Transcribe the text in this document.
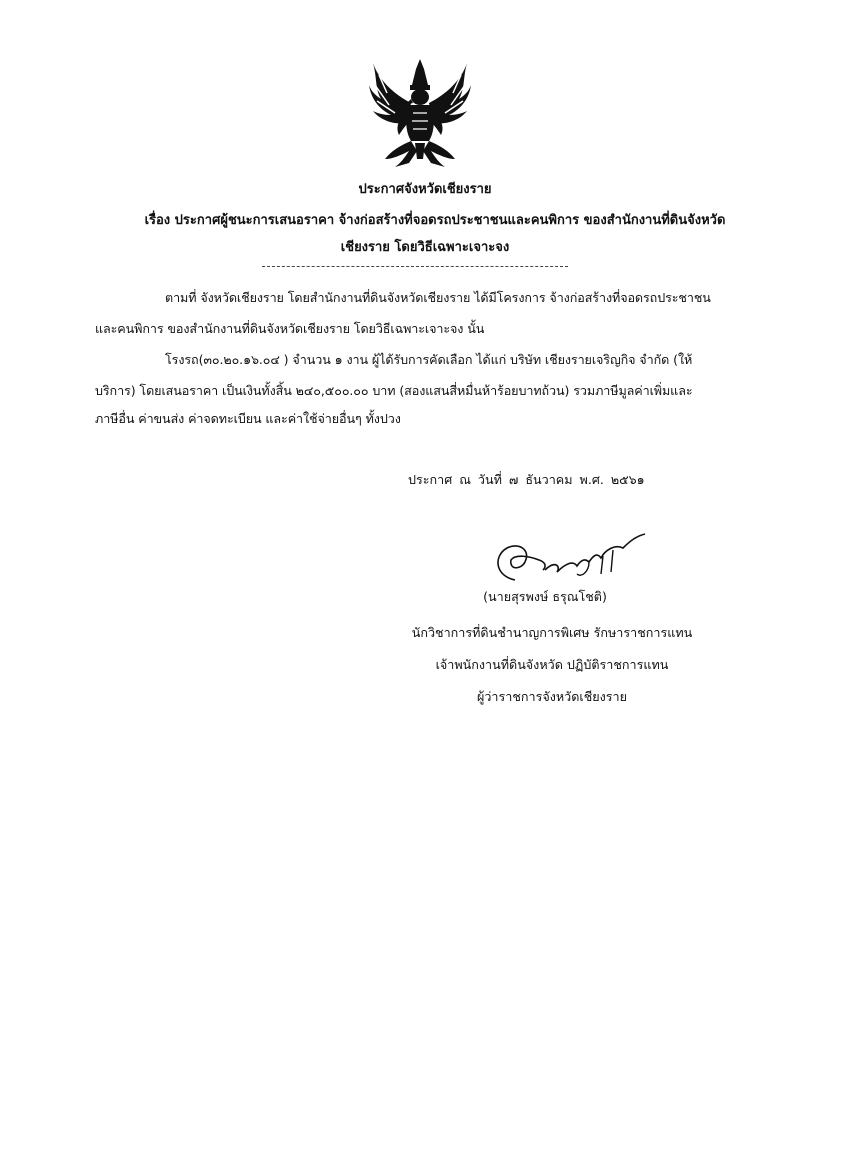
ประกาศจังหวัดเชียงราย
เรื่อง ประกาศผู้ชนะการเสนอราคา จ้างก่อสร้างที่จอดรถประชาชนและคนพิการ ของสำนักงานที่ดินจังหวัด
เชียงราย โดยวิธีเฉพาะเจาะจง
ตามที่ จังหวัดเชียงราย โดยสำนักงานที่ดินจังหวัดเชียงราย ได้มีโครงการ จ้างก่อสร้างที่จอดรถประชาชน
และคนพิการ ของสำนักงานที่ดินจังหวัดเชียงราย โดยวิธีเฉพาะเจาะจง นั้น
โรงรถ(๓๐.๒๐.๑๖.๐๔ ) จำนวน ๑ งาน ผู้ได้รับการคัดเลือก ได้แก่ บริษัท เชียงรายเจริญกิจ จำกัด (ให้
บริการ) โดยเสนอราคา เป็นเงินทั้งสิ้น ๒๔๐,๕๐๐.๐๐ บาท (สองแสนสี่หมื่นห้าร้อยบาทถ้วน) รวมภาษีมูลค่าเพิ่มและ
ภาษีอื่น ค่าขนส่ง ค่าจดทะเบียน และค่าใช้จ่ายอื่นๆ ทั้งปวง
ประกาศ ณ วันที่ ๗ ธันวาคม พ.ศ. ๒๕๖๑
(นายสุรพงษ์ ธรุณโชติ)
นักวิชาการที่ดินชำนาญการพิเศษ รักษาราชการแทน
เจ้าพนักงานที่ดินจังหวัด ปฏิบัติราชการแทน
ผู้ว่าราชการจังหวัดเชียงราย
